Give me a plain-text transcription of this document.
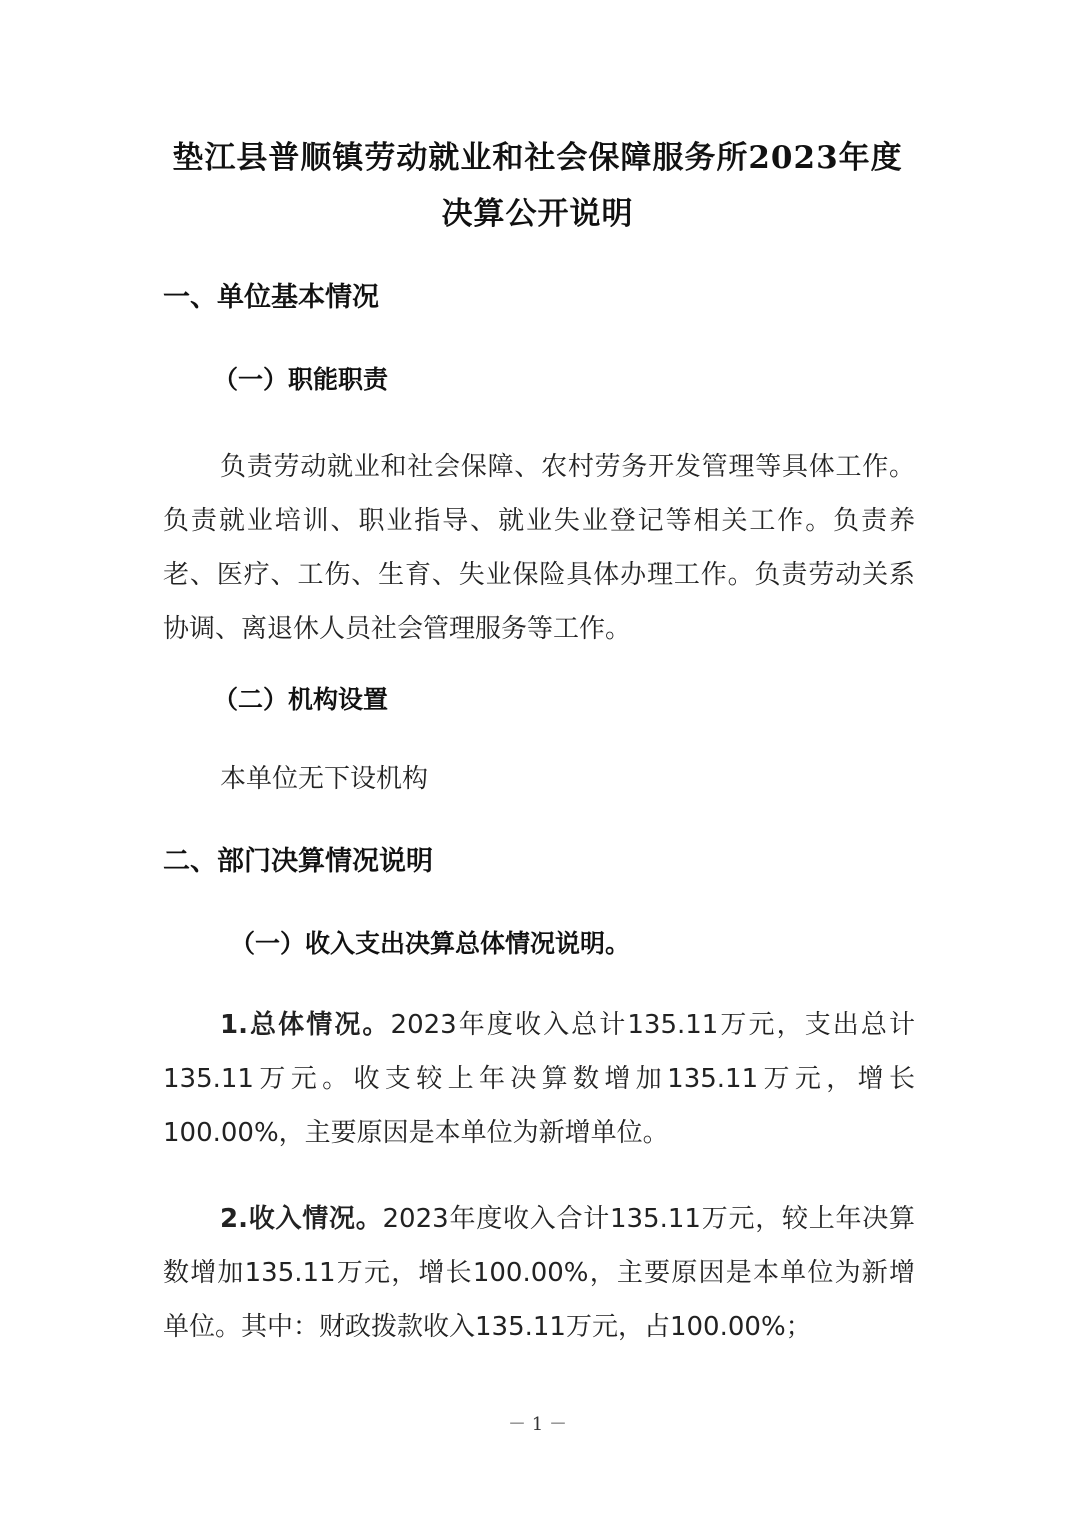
垫江县普顺镇劳动就业和社会保障服务所2023年度
决算公开说明
一、单位基本情况
（一）职能职责

负责劳动就业和社会保障、农村劳务开发管理等具体工作。负责就业培训、职业指导、就业失业登记等相关工作。负责养老、医疗、工伤、生育、失业保险具体办理工作。负责劳动关系协调、离退休人员社会管理服务等工作。

（二）机构设置

本单位无下设机构

二、部门决算情况说明
（一）收入支出决算总体情况说明。

1.总体情况。2023年度收入总计135.11万元，支出总计135.11万元。收支较上年决算数增加135.11万元，增长100.00%，主要原因是本单位为新增单位。

2.收入情况。2023年度收入合计135.11万元，较上年决算数增加135.11万元，增长100.00%，主要原因是本单位为新增单位。其中：财政拨款收入135.11万元，占100.00%；

－ 1 －
